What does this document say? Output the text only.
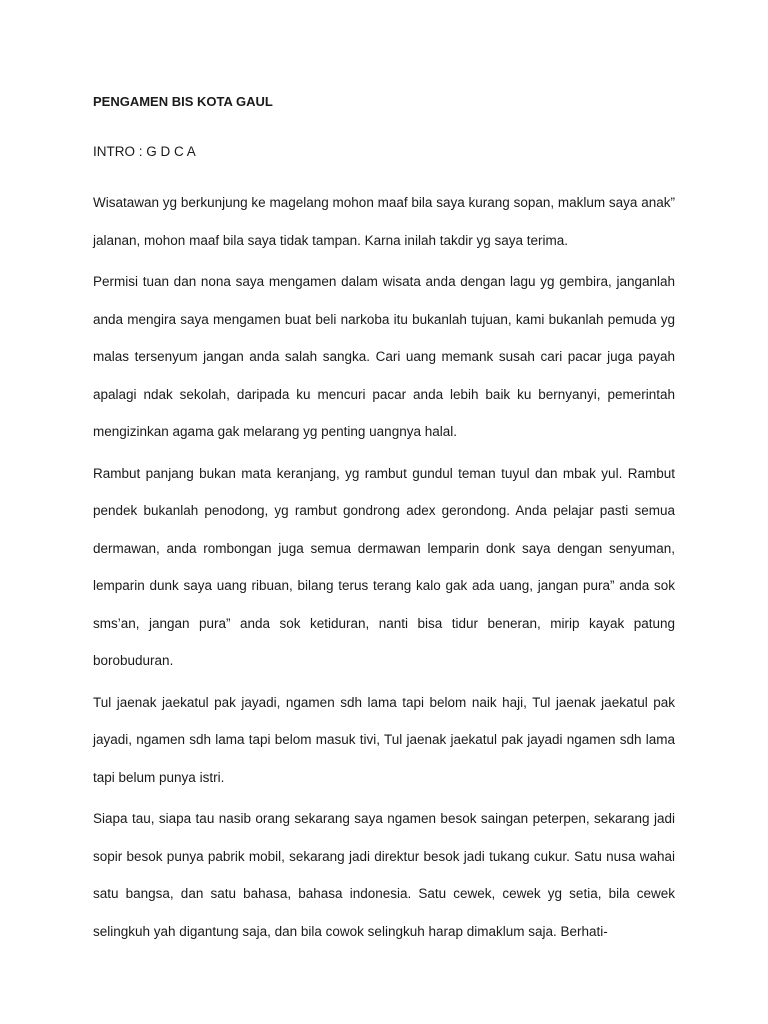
PENGAMEN BIS KOTA GAUL
INTRO : G D C A

Wisatawan yg berkunjung ke magelang mohon maaf bila saya kurang sopan, maklum saya anak” jalanan, mohon maaf bila saya tidak tampan. Karna inilah takdir yg saya terima.

Permisi tuan dan nona saya mengamen dalam wisata anda dengan lagu yg gembira, janganlah anda mengira saya mengamen buat beli narkoba itu bukanlah tujuan, kami bukanlah pemuda yg malas tersenyum jangan anda salah sangka. Cari uang memank susah cari pacar juga payah apalagi ndak sekolah, daripada ku mencuri pacar anda lebih baik ku bernyanyi, pemerintah mengizinkan agama gak melarang yg penting uangnya halal.

Rambut panjang bukan mata keranjang, yg rambut gundul teman tuyul dan mbak yul. Rambut pendek bukanlah penodong, yg rambut gondrong adex gerondong. Anda pelajar pasti semua dermawan, anda rombongan juga semua dermawan lemparin donk saya dengan senyuman, lemparin dunk saya uang ribuan, bilang terus terang kalo gak ada uang, jangan pura” anda sok sms’an, jangan pura” anda sok ketiduran, nanti bisa tidur beneran, mirip kayak patung borobuduran.

Tul jaenak jaekatul pak jayadi, ngamen sdh lama tapi belom naik haji, Tul jaenak jaekatul pak jayadi, ngamen sdh lama tapi belom masuk tivi, Tul jaenak jaekatul pak jayadi ngamen sdh lama tapi belum punya istri.

Siapa tau, siapa tau nasib orang sekarang saya ngamen besok saingan peterpen, sekarang jadi sopir besok punya pabrik mobil, sekarang jadi direktur besok jadi tukang cukur. Satu nusa wahai satu bangsa, dan satu bahasa, bahasa indonesia. Satu cewek, cewek yg setia, bila cewek selingkuh yah digantung saja, dan bila cowok selingkuh harap dimaklum saja. Berhati-
